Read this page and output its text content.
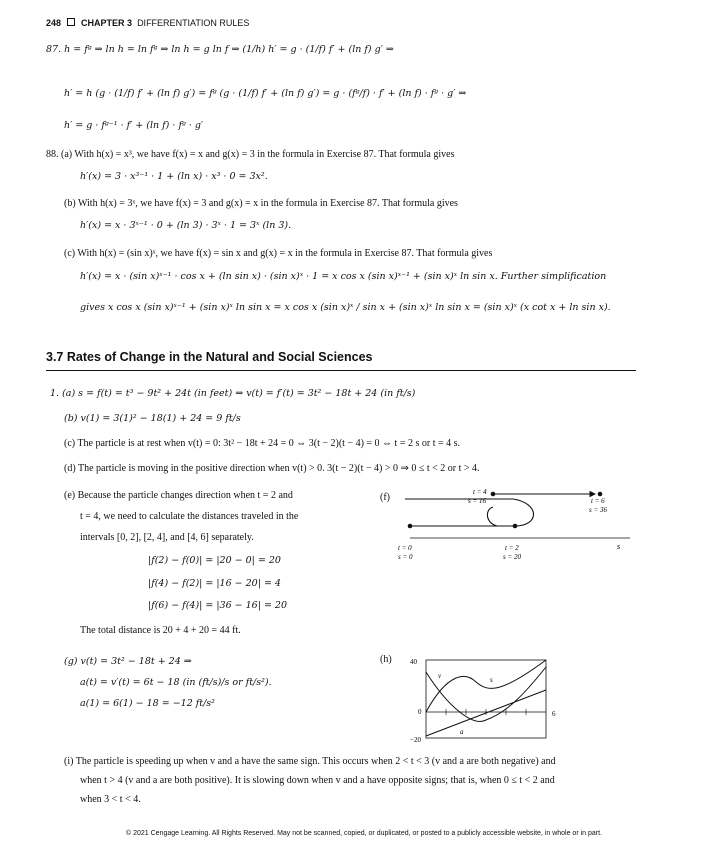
248 CHAPTER 3 DIFFERENTIATION RULES
87. h = fᵍ ⇒ ln h = ln fᵍ ⇒ ln h = g ln f ⇒ (1/h) h′ = g · (1/f) f′ + (ln f) g′ ⇒
h′ = h (g · (1/f) f′ + (ln f) g′) = fᵍ (g · (1/f) f′ + (ln f) g′) = g · (fᵍ/f) · f′ + (ln f) · fᵍ · g′ ⇒
h′ = g · fᵍ⁻¹ · f′ + (ln f) · fᵍ · g′
88. (a) With h(x) = x³, we have f(x) = x and g(x) = 3 in the formula in Exercise 87. That formula gives
h′(x) = 3 · x³⁻¹ · 1 + (ln x) · x³ · 0 = 3x².
(b) With h(x) = 3ˣ, we have f(x) = 3 and g(x) = x in the formula in Exercise 87. That formula gives
h′(x) = x · 3ˣ⁻¹ · 0 + (ln 3) · 3ˣ · 1 = 3ˣ (ln 3).
(c) With h(x) = (sin x)ˣ, we have f(x) = sin x and g(x) = x in the formula in Exercise 87. That formula gives
h′(x) = x · (sin x)ˣ⁻¹ · cos x + (ln sin x) · (sin x)ˣ · 1 = x cos x (sin x)ˣ⁻¹ + (sin x)ˣ ln sin x. Further simplification
gives x cos x (sin x)ˣ⁻¹ + (sin x)ˣ ln sin x = x cos x (sin x)ˣ / sin x + (sin x)ˣ ln sin x = (sin x)ˣ (x cot x + ln sin x).
3.7 Rates of Change in the Natural and Social Sciences
1. (a) s = f(t) = t³ − 9t² + 24t (in feet) ⇒ v(t) = f′(t) = 3t² − 18t + 24 (in ft/s)
(b) v(1) = 3(1)² − 18(1) + 24 = 9 ft/s
(c) The particle is at rest when v(t) = 0: 3t² − 18t + 24 = 0 ⇔ 3(t − 2)(t − 4) = 0 ⇔ t = 2 s or t = 4 s.
(d) The particle is moving in the positive direction when v(t) > 0. 3(t − 2)(t − 4) > 0 ⇒ 0 ≤ t < 2 or t > 4.
(e) Because the particle changes direction when t = 2 and
t = 4, we need to calculate the distances traveled in the
intervals [0, 2], [2, 4], and [4, 6] separately.
|f(2) − f(0)| = |20 − 0| = 20
|f(4) − f(2)| = |16 − 20| = 4
|f(6) − f(4)| = |36 − 16| = 20
The total distance is 20 + 4 + 20 = 44 ft.
(f)	t = 4
s = 16	t = 6
s = 36
t = 0
s = 0
t = 2
s = 20
s
(g) v(t) = 3t² − 18t + 24 ⇒
a(t) = v′(t) = 6t − 18 (in (ft/s)/s or ft/s²).
a(1) = 6(1) − 18 = −12 ft/s²
(h)	40
0
−20
6
v	s
a
(i) The particle is speeding up when v and a have the same sign. This occurs when 2 < t < 3 (v and a are both negative) and
when t > 4 (v and a are both positive). It is slowing down when v and a have opposite signs; that is, when 0 ≤ t < 2 and
when 3 < t < 4.
© 2021 Cengage Learning. All Rights Reserved. May not be scanned, copied, or duplicated, or posted to a publicly accessible website, in whole or in part.
